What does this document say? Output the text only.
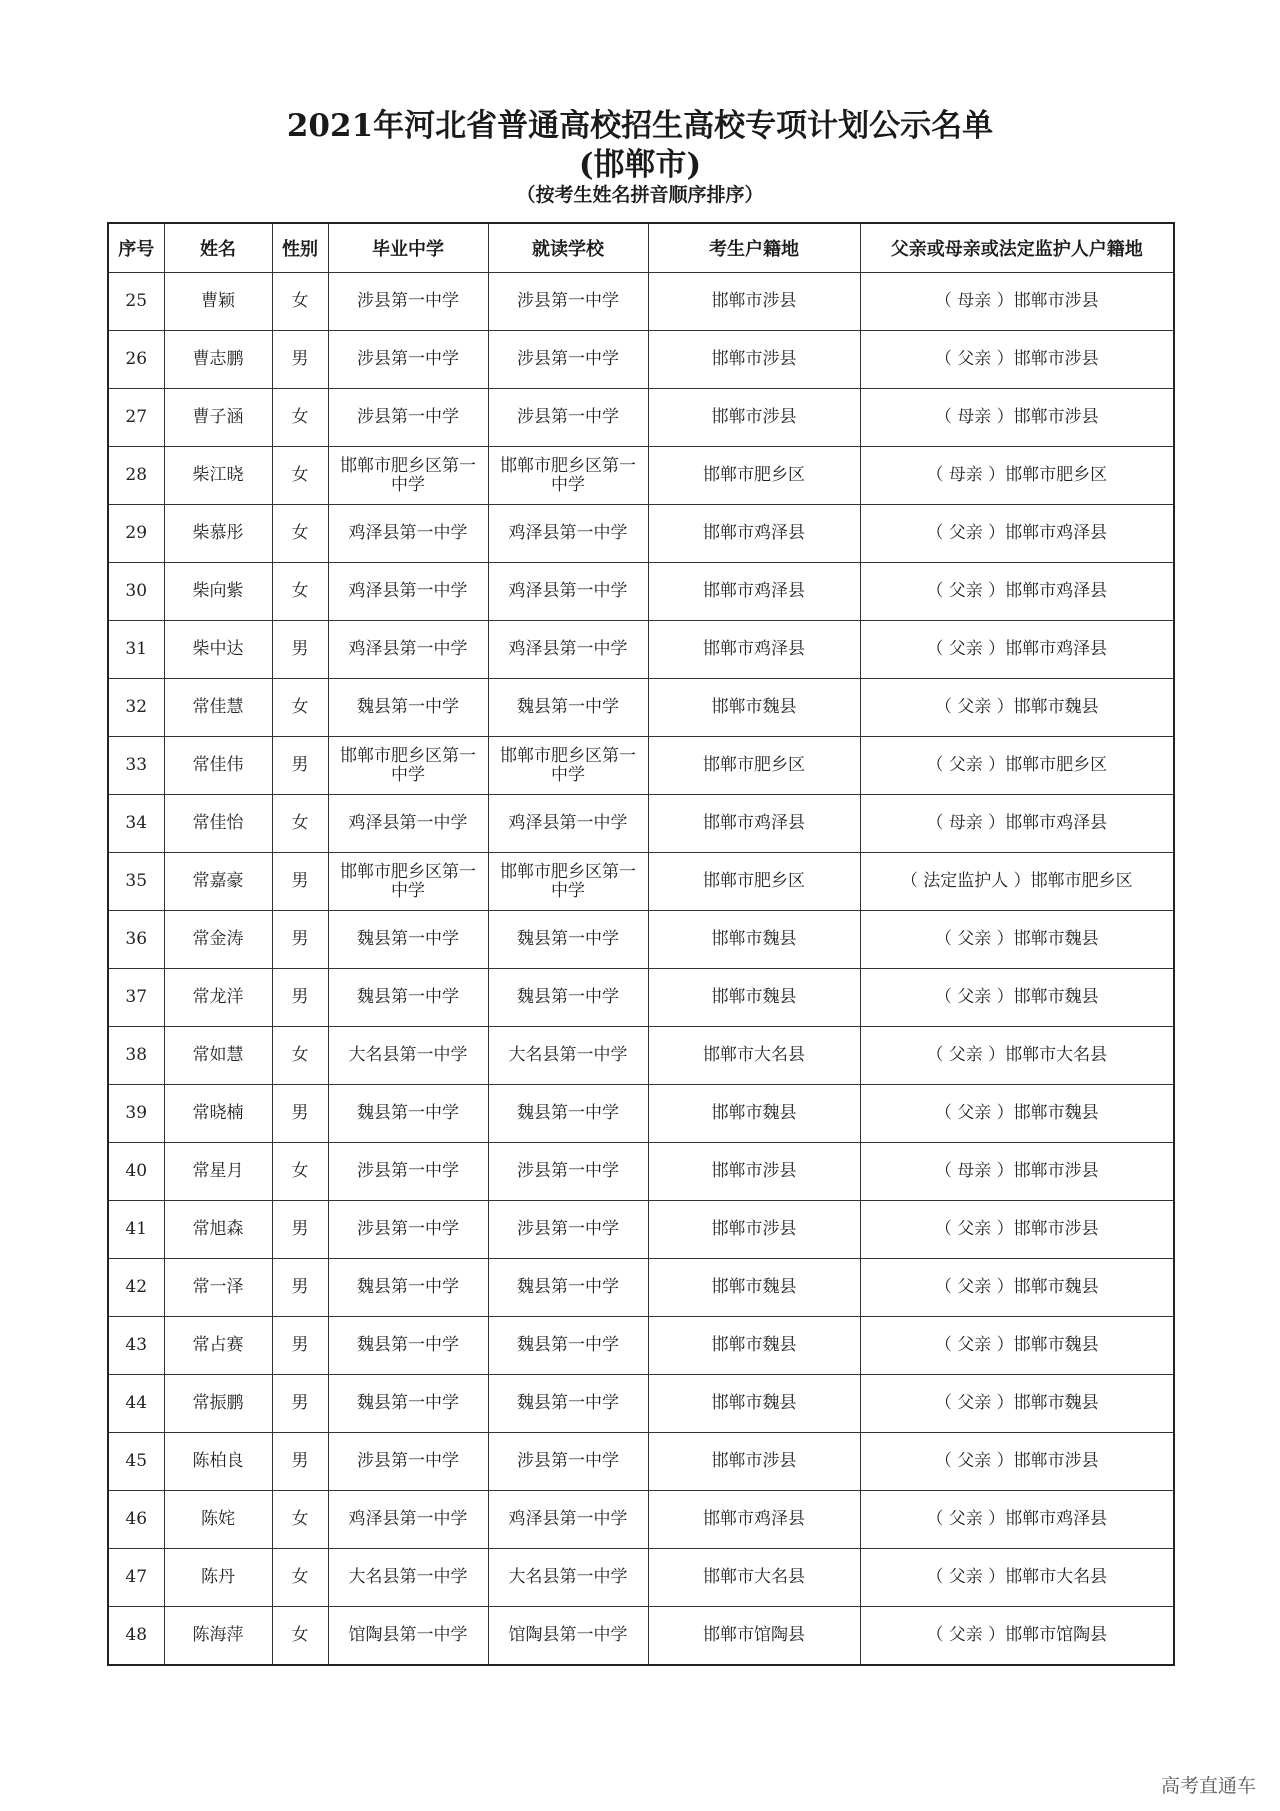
2021年河北省普通高校招生高校专项计划公示名单
(邯郸市)
（按考生姓名拼音顺序排序）
序号	姓名	性别	毕业中学	就读学校	考生户籍地	父亲或母亲或法定监护人户籍地
25	曹颖	女	涉县第一中学	涉县第一中学	邯郸市涉县	（ 母亲 ）邯郸市涉县
26	曹志鹏	男	涉县第一中学	涉县第一中学	邯郸市涉县	（ 父亲 ）邯郸市涉县
27	曹子涵	女	涉县第一中学	涉县第一中学	邯郸市涉县	（ 母亲 ）邯郸市涉县
28	柴江晓	女	邯郸市肥乡区第一中学	邯郸市肥乡区第一中学	邯郸市肥乡区	（ 母亲 ）邯郸市肥乡区
29	柴慕彤	女	鸡泽县第一中学	鸡泽县第一中学	邯郸市鸡泽县	（ 父亲 ）邯郸市鸡泽县
30	柴向紫	女	鸡泽县第一中学	鸡泽县第一中学	邯郸市鸡泽县	（ 父亲 ）邯郸市鸡泽县
31	柴中达	男	鸡泽县第一中学	鸡泽县第一中学	邯郸市鸡泽县	（ 父亲 ）邯郸市鸡泽县
32	常佳慧	女	魏县第一中学	魏县第一中学	邯郸市魏县	（ 父亲 ）邯郸市魏县
33	常佳伟	男	邯郸市肥乡区第一中学	邯郸市肥乡区第一中学	邯郸市肥乡区	（ 父亲 ）邯郸市肥乡区
34	常佳怡	女	鸡泽县第一中学	鸡泽县第一中学	邯郸市鸡泽县	（ 母亲 ）邯郸市鸡泽县
35	常嘉豪	男	邯郸市肥乡区第一中学	邯郸市肥乡区第一中学	邯郸市肥乡区	（ 法定监护人 ）邯郸市肥乡区
36	常金涛	男	魏县第一中学	魏县第一中学	邯郸市魏县	（ 父亲 ）邯郸市魏县
37	常龙洋	男	魏县第一中学	魏县第一中学	邯郸市魏县	（ 父亲 ）邯郸市魏县
38	常如慧	女	大名县第一中学	大名县第一中学	邯郸市大名县	（ 父亲 ）邯郸市大名县
39	常晓楠	男	魏县第一中学	魏县第一中学	邯郸市魏县	（ 父亲 ）邯郸市魏县
40	常星月	女	涉县第一中学	涉县第一中学	邯郸市涉县	（ 母亲 ）邯郸市涉县
41	常旭森	男	涉县第一中学	涉县第一中学	邯郸市涉县	（ 父亲 ）邯郸市涉县
42	常一泽	男	魏县第一中学	魏县第一中学	邯郸市魏县	（ 父亲 ）邯郸市魏县
43	常占赛	男	魏县第一中学	魏县第一中学	邯郸市魏县	（ 父亲 ）邯郸市魏县
44	常振鹏	男	魏县第一中学	魏县第一中学	邯郸市魏县	（ 父亲 ）邯郸市魏县
45	陈柏良	男	涉县第一中学	涉县第一中学	邯郸市涉县	（ 父亲 ）邯郸市涉县
46	陈姹	女	鸡泽县第一中学	鸡泽县第一中学	邯郸市鸡泽县	（ 父亲 ）邯郸市鸡泽县
47	陈丹	女	大名县第一中学	大名县第一中学	邯郸市大名县	（ 父亲 ）邯郸市大名县
48	陈海萍	女	馆陶县第一中学	馆陶县第一中学	邯郸市馆陶县	（ 父亲 ）邯郸市馆陶县
高考直通车
